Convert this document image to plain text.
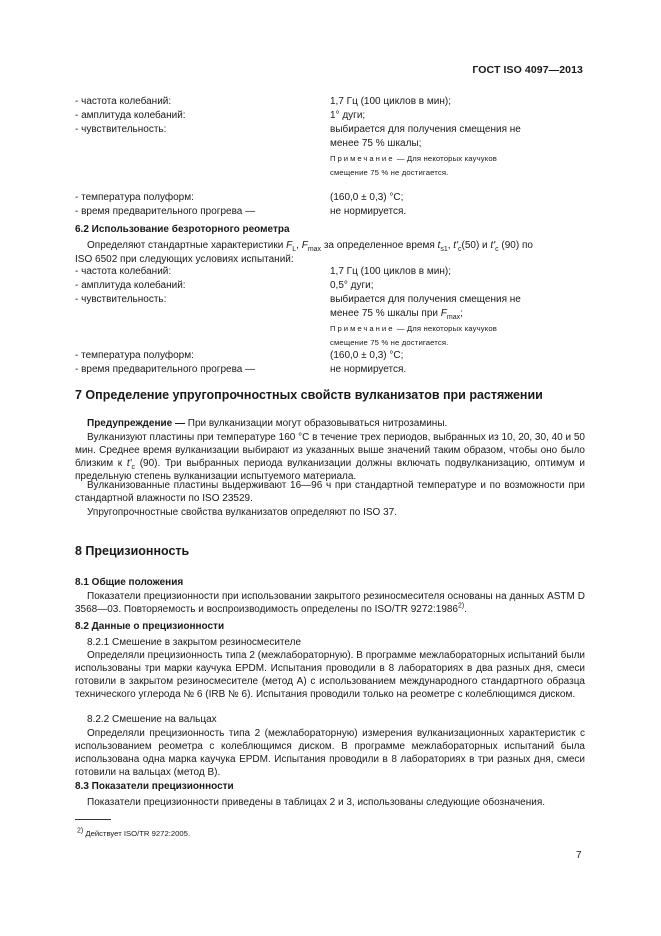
ГОСТ ISO 4097—2013
- частота колебаний:	1,7 Гц (100 циклов в мин);
- амплитуда колебаний:	1° дуги;
- чувствительность:	выбирается для получения смещения не
менее 75 % шкалы;
Примечание — Для некоторых каучуков
смещение 75 % не достигается.
- температура полуформ:	(160,0 ± 0,3) °C;
- время предварительного прогрева —	не нормируется.
6.2 Использование безроторного реометра
Определяют стандартные характеристики $F_L$, $F_{max}$ за определенное время $t_{s1}$, $t'_c(50)$ и $t'_c$ (90) по
ISO 6502 при следующих условиях испытаний:
- частота колебаний:	1,7 Гц (100 циклов в мин);
- амплитуда колебаний:	0,5° дуги;
- чувствительность:	выбирается для получения смещения не
менее 75 % шкалы при $F_{max}$;
Примечание — Для некоторых каучуков
смещение 75 % не достигается.
- температура полуформ:	(160,0 ± 0,3) °C;
- время предварительного прогрева —	не нормируется.
7 Определение упругопрочностных свойств вулканизатов при растяжении
Предупреждение — При вулканизации могут образовываться нитрозамины.
Вулканизуют пластины при температуре 160 °C в течение трех периодов, выбранных из 10, 20, 30, 40 и 50 мин. Среднее время вулканизации выбирают из указанных выше значений таким образом, чтобы оно было близким к $t'_c$ (90). Три выбранных периода вулканизации должны включать подвулканизацию, оптимум и предельную степень вулканизации испытуемого материала.
Вулканизованные пластины выдерживают 16—96 ч при стандартной температуре и по возможности при стандартной влажности по ISO 23529.
Упругопрочностные свойства вулканизатов определяют по ISO 37.
8 Прецизионность
8.1 Общие положения
Показатели прецизионности при использовании закрытого резиносмесителя основаны на данных ASTM D 3568—03. Повторяемость и воспроизводимость определены по ISO/TR 9272:1986$^{2)}$.
8.2 Данные о прецизионности
8.2.1 Смешение в закрытом резиносмесителе
Определяли прецизионность типа 2 (межлабораторную). В программе межлабораторных испытаний были использованы три марки каучука EPDM. Испытания проводили в 8 лабораториях в два разных дня, смеси готовили в закрытом резиносмесителе (метод A) с использованием международного стандартного образца технического углерода № 6 (IRB № 6). Испытания проводили только на реометре с колеблющимся диском.
8.2.2 Смешение на вальцах
Определяли прецизионность типа 2 (межлабораторную) измерения вулканизационных характеристик с использованием реометра с колеблющимся диском. В программе межлабораторных испытаний была использована одна марка каучука EPDM. Испытания проводили в 8 лабораториях в три разных дня, смеси готовили на вальцах (метод B).
8.3 Показатели прецизионности
Показатели прецизионности приведены в таблицах 2 и 3, использованы следующие обозначения.
$^{2)}$ Действует ISO/TR 9272:2005.
7
